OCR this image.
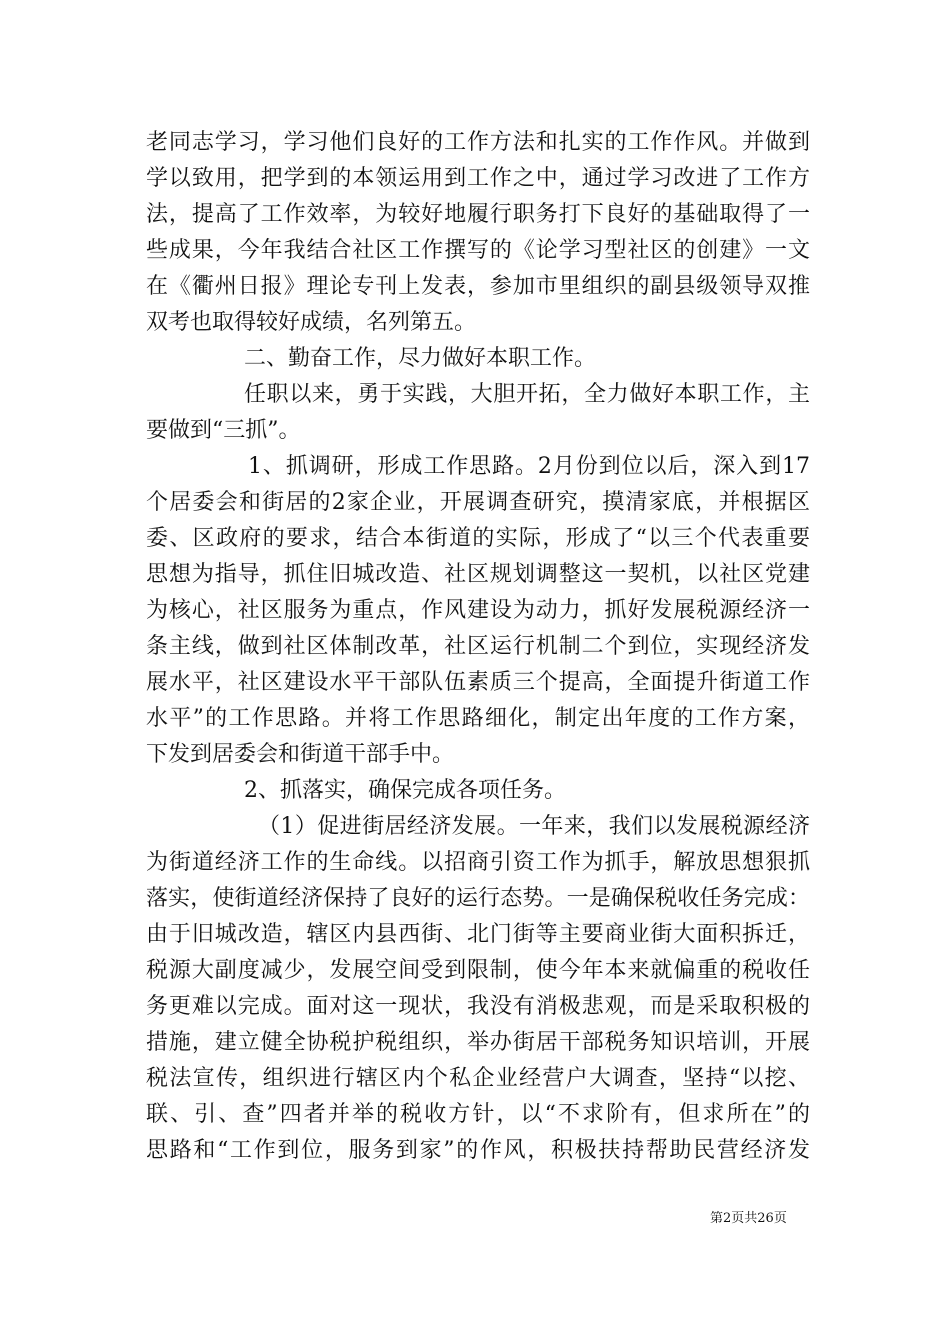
老同志学习，学习他们良好的工作方法和扎实的工作作风。并做到
学以致用，把学到的本领运用到工作之中，通过学习改进了工作方
法，提高了工作效率，为较好地履行职务打下良好的基础取得了一
些成果，今年我结合社区工作撰写的《论学习型社区的创建》一文
在《衢州日报》理论专刊上发表，参加市里组织的副县级领导双推
双考也取得较好成绩，名列第五。
二、勤奋工作，尽力做好本职工作。
任职以来，勇于实践，大胆开拓，全力做好本职工作，主
要做到“三抓”。
1、抓调研，形成工作思路。2月份到位以后，深入到17
个居委会和街居的2家企业，开展调查研究，摸清家底，并根据区
委、区政府的要求，结合本街道的实际，形成了“以三个代表重要
思想为指导，抓住旧城改造、社区规划调整这一契机，以社区党建
为核心，社区服务为重点，作风建设为动力，抓好发展税源经济一
条主线，做到社区体制改革，社区运行机制二个到位，实现经济发
展水平，社区建设水平干部队伍素质三个提高，全面提升街道工作
水平”的工作思路。并将工作思路细化，制定出年度的工作方案，
下发到居委会和街道干部手中。
2、抓落实，确保完成各项任务。
（1）促进街居经济发展。一年来，我们以发展税源经济
为街道经济工作的生命线。以招商引资工作为抓手，解放思想狠抓
落实，使街道经济保持了良好的运行态势。一是确保税收任务完成：
由于旧城改造，辖区内县西街、北门街等主要商业街大面积拆迁，
税源大副度减少，发展空间受到限制，使今年本来就偏重的税收任
务更难以完成。面对这一现状，我没有消极悲观，而是采取积极的
措施，建立健全协税护税组织，举办街居干部税务知识培训，开展
税法宣传，组织进行辖区内个私企业经营户大调查，坚持“以挖、
联、引、查”四者并举的税收方针，以“不求阶有，但求所在”的
思路和“工作到位，服务到家”的作风，积极扶持帮助民营经济发
第2页共26页
